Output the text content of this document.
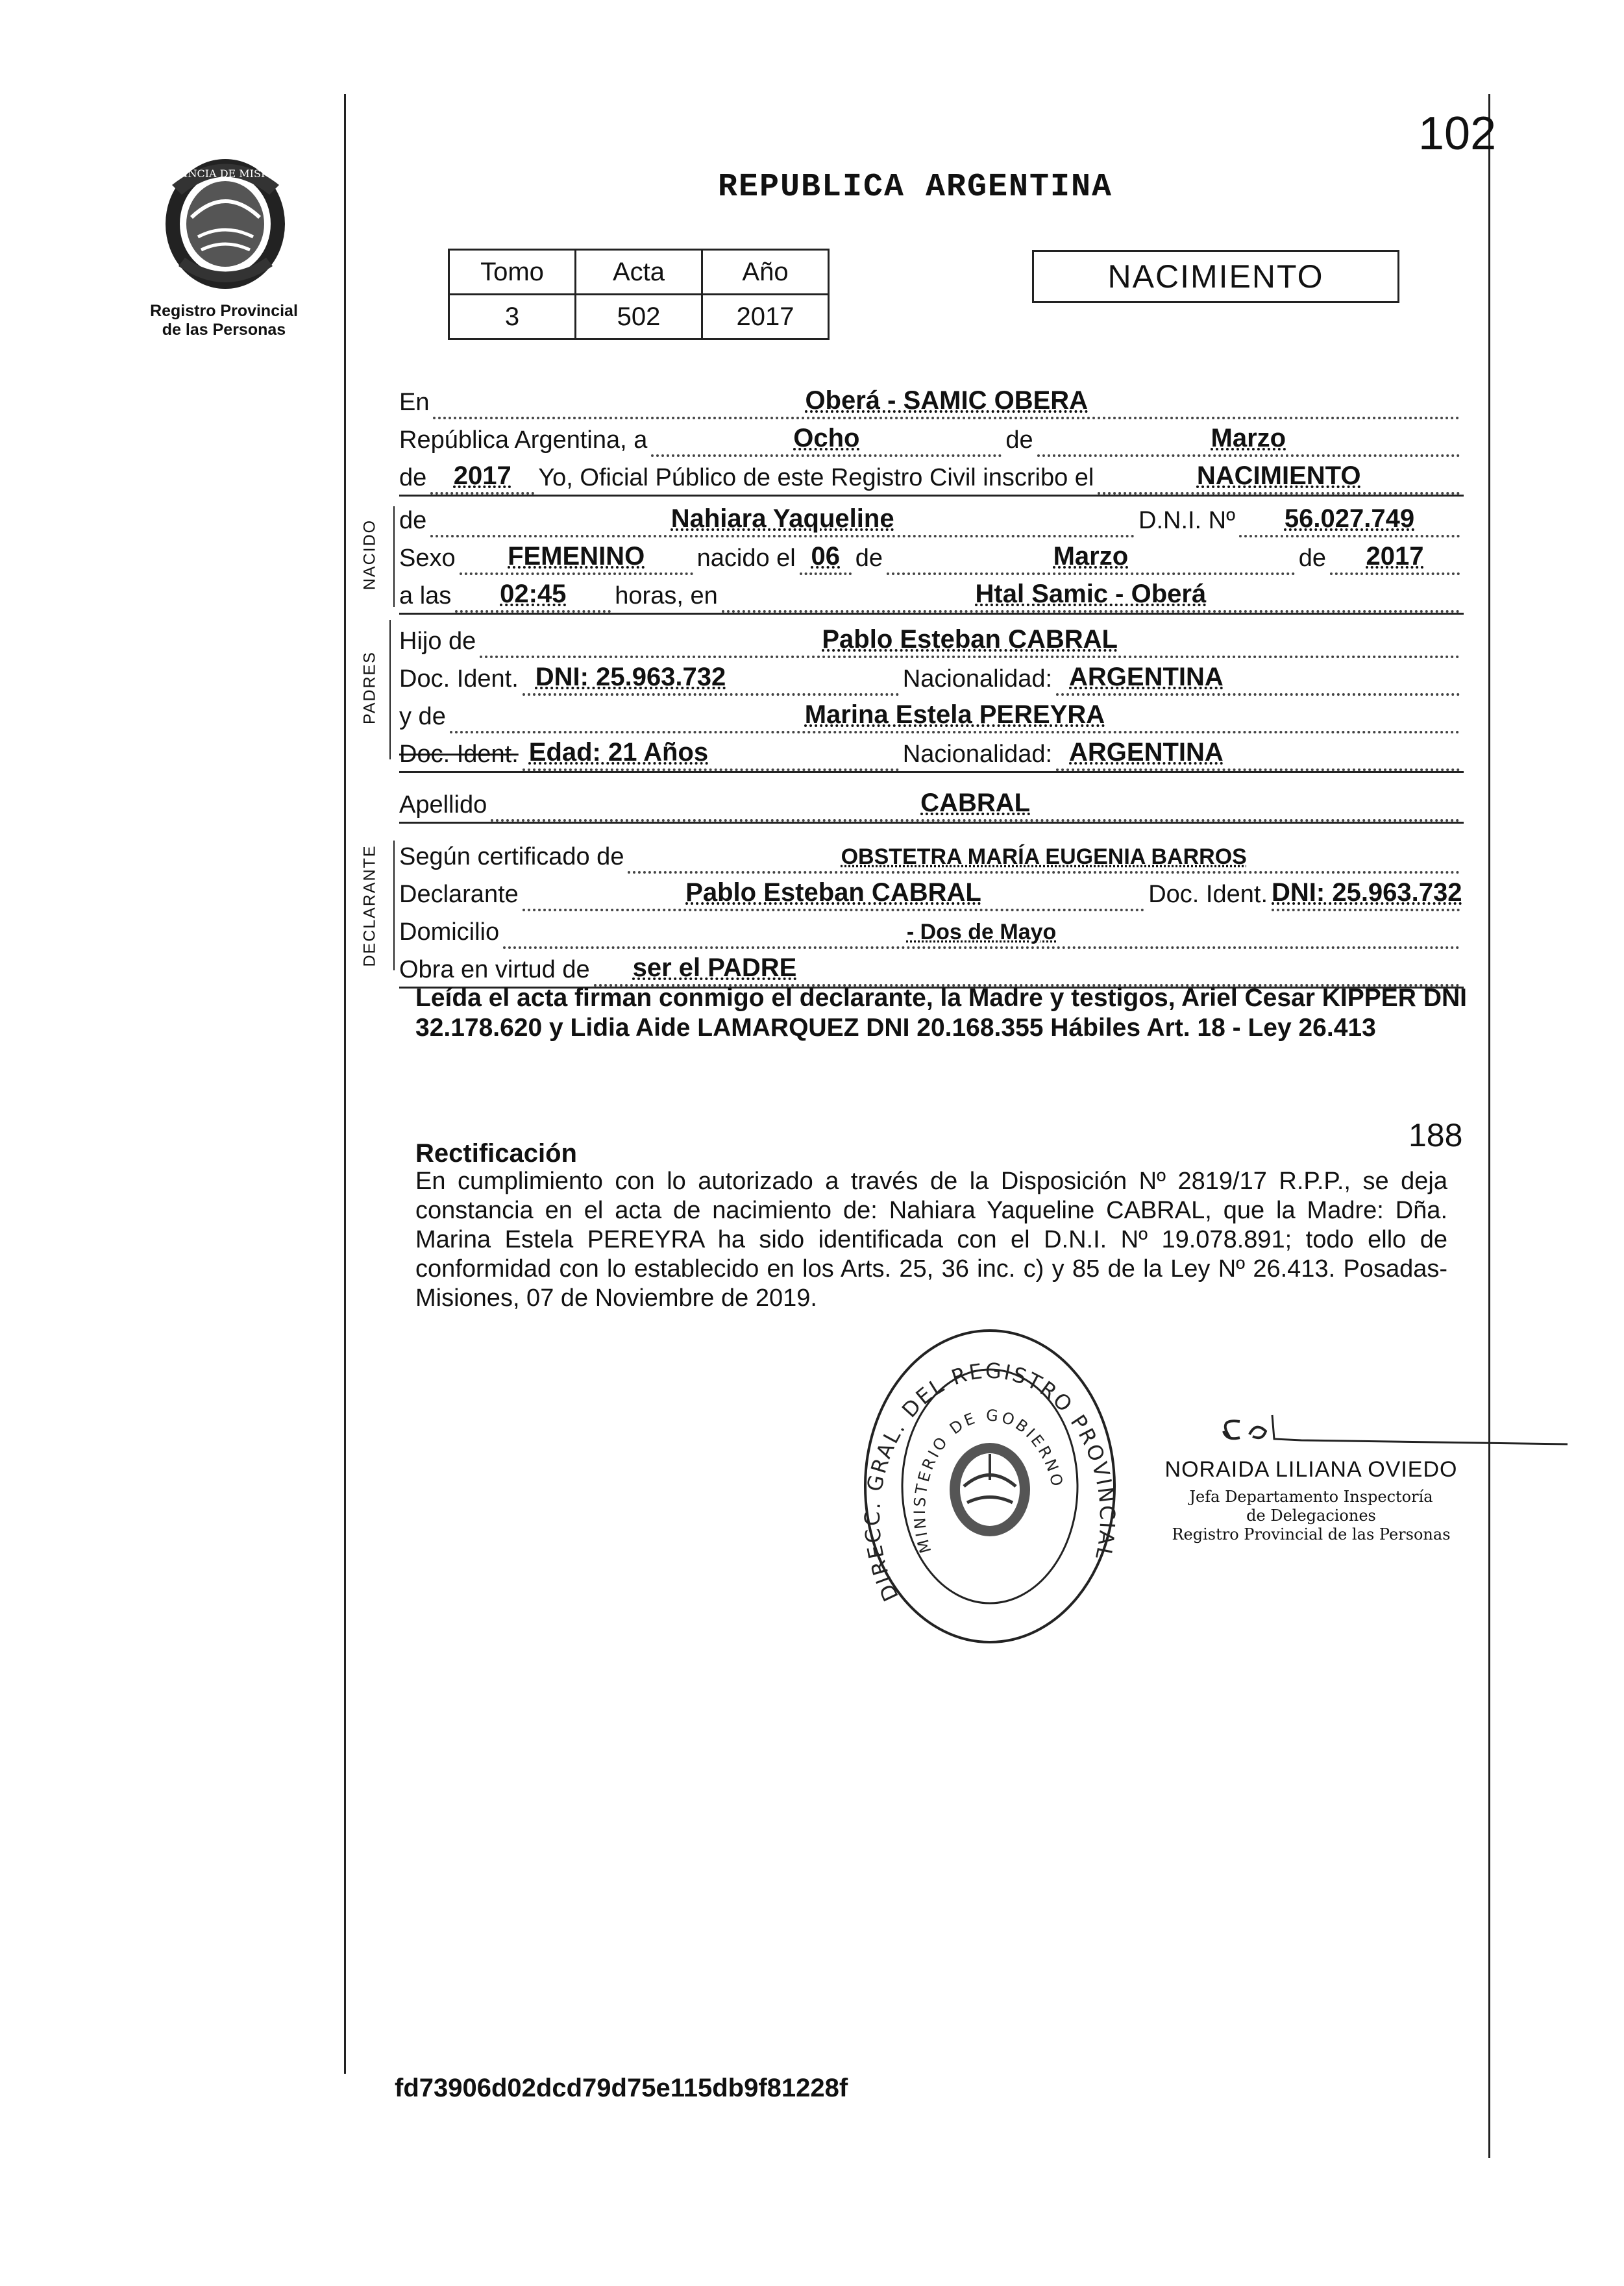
PROVINCIA DE MISIONES
Registro Provincial
de las Personas
102
REPUBLICA ARGENTINA
Tomo	Acta	Año
3	502	2017
NACIMIENTO
NACIDO
PADRES
DECLARANTE
En	Oberá - SAMIC OBERA
República Argentina, a	Ocho	de	Marzo
de	2017	Yo, Oficial Público de este Registro Civil inscribo el	NACIMIENTO
de	Nahiara Yaqueline	D.N.I. Nº	56.027.749
Sexo	FEMENINO	nacido el 06 de	Marzo	de	2017
a las	02:45	horas, en	Htal Samic - Oberá
Hijo de	Pablo Esteban CABRAL
Doc. Ident. DNI: 25.963.732	Nacionalidad: ARGENTINA
y de	Marina Estela PEREYRA
Doc. Ident. Edad: 21 Años	Nacionalidad: ARGENTINA
Apellido	CABRAL
Según certificado de	OBSTETRA MARÍA EUGENIA BARROS
Declarante	Pablo Esteban CABRAL	Doc. Ident. DNI: 25.963.732
Domicilio	- Dos de Mayo
Obra en virtud de	ser el PADRE
Leída el acta firman conmigo el declarante, la Madre y testigos, Ariel Cesar KIPPER DNI 32.178.620 y Lidia Aide LAMARQUEZ DNI 20.168.355 Hábiles Art. 18 - Ley 26.413
188
Rectificación
En cumplimiento con lo autorizado a través de la Disposición Nº 2819/17 R.P.P., se deja constancia en el acta de nacimiento de: Nahiara Yaqueline CABRAL, que la Madre: Dña. Marina Estela PEREYRA ha sido identificada con el D.N.I. Nº 19.078.891; todo ello de conformidad con lo establecido en los Arts. 25, 36 inc. c) y 85 de la Ley Nº 26.413. Posadas- Misiones, 07 de Noviembre de 2019.
DIRECC. GRAL. DEL REGISTRO PROVINCIAL
MINISTERIO DE GOBIERNO	NORAIDA LILIANA OVIEDO
Jefa Departamento Inspectoría
de Delegaciones
Registro Provincial de las Personas
fd73906d02dcd79d75e115db9f81228f
